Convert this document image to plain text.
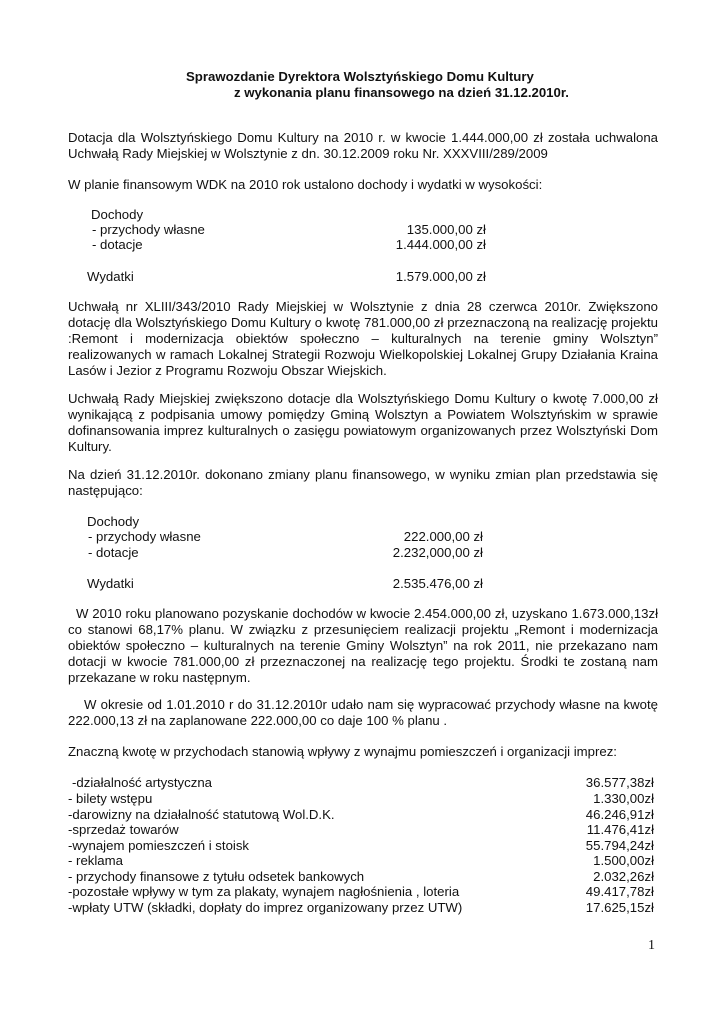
Sprawozdanie Dyrektora Wolsztyńskiego Domu Kultury
z wykonania planu finansowego na dzień 31.12.2010r.
Dotacja dla Wolsztyńskiego Domu Kultury na 2010 r. w kwocie 1.444.000,00 zł została uchwalona Uchwałą Rady Miejskiej w Wolsztynie z dn. 30.12.2009 roku Nr. XXXVIII/289/2009
W planie finansowym WDK na 2010 rok ustalono dochody i wydatki w wysokości:
Dochody
- przychody własne	135.000,00 zł
- dotacje	1.444.000,00 zł
Wydatki	1.579.000,00 zł
Uchwałą nr XLIII/343/2010 Rady Miejskiej w Wolsztynie z dnia 28 czerwca 2010r. Zwiększono dotację dla Wolsztyńskiego Domu Kultury o kwotę 781.000,00 zł przeznaczoną na realizację projektu :Remont i modernizacja obiektów społeczno – kulturalnych na terenie gminy Wolsztyn” realizowanych w ramach Lokalnej Strategii Rozwoju Wielkopolskiej Lokalnej Grupy Działania Kraina Lasów i Jezior z Programu Rozwoju Obszar Wiejskich.
Uchwałą Rady Miejskiej zwiększono dotacje dla Wolsztyńskiego Domu Kultury o kwotę 7.000,00 zł wynikającą z podpisania umowy pomiędzy Gminą Wolsztyn a Powiatem Wolsztyńskim w sprawie dofinansowania imprez kulturalnych o zasięgu powiatowym organizowanych przez Wolsztyński Dom Kultury.
Na dzień 31.12.2010r. dokonano zmiany planu finansowego, w wyniku zmian plan przedstawia się następująco:
Dochody
- przychody własne	222.000,00 zł
- dotacje	2.232,000,00 zł
Wydatki	2.535.476,00 zł
W 2010 roku planowano pozyskanie dochodów w kwocie 2.454.000,00 zł, uzyskano 1.673.000,13zł co stanowi 68,17% planu. W związku z przesunięciem realizacji projektu „Remont i modernizacja obiektów społeczno – kulturalnych na terenie Gminy Wolsztyn” na rok 2011, nie przekazano nam dotacji w kwocie 781.000,00 zł przeznaczonej na realizację tego projektu. Środki te zostaną nam przekazane w roku następnym.
W okresie od 1.01.2010 r do 31.12.2010r udało nam się wypracować przychody własne na kwotę 222.000,13 zł na zaplanowane 222.000,00 co daje 100 % planu .
Znaczną kwotę w przychodach stanowią wpływy z wynajmu pomieszczeń i organizacji imprez:
-działalność artystyczna	36.577,38zł
- bilety wstępu	1.330,00zł
-darowizny na działalność statutową Wol.D.K.	46.246,91zł
-sprzedaż towarów	11.476,41zł
-wynajem pomieszczeń i stoisk	55.794,24zł
- reklama	1.500,00zł
- przychody finansowe z tytułu odsetek bankowych	2.032,26zł
-pozostałe wpływy w tym za plakaty, wynajem nagłośnienia , loteria	49.417,78zł
-wpłaty UTW (składki, dopłaty do imprez organizowany przez UTW)	17.625,15zł
1
